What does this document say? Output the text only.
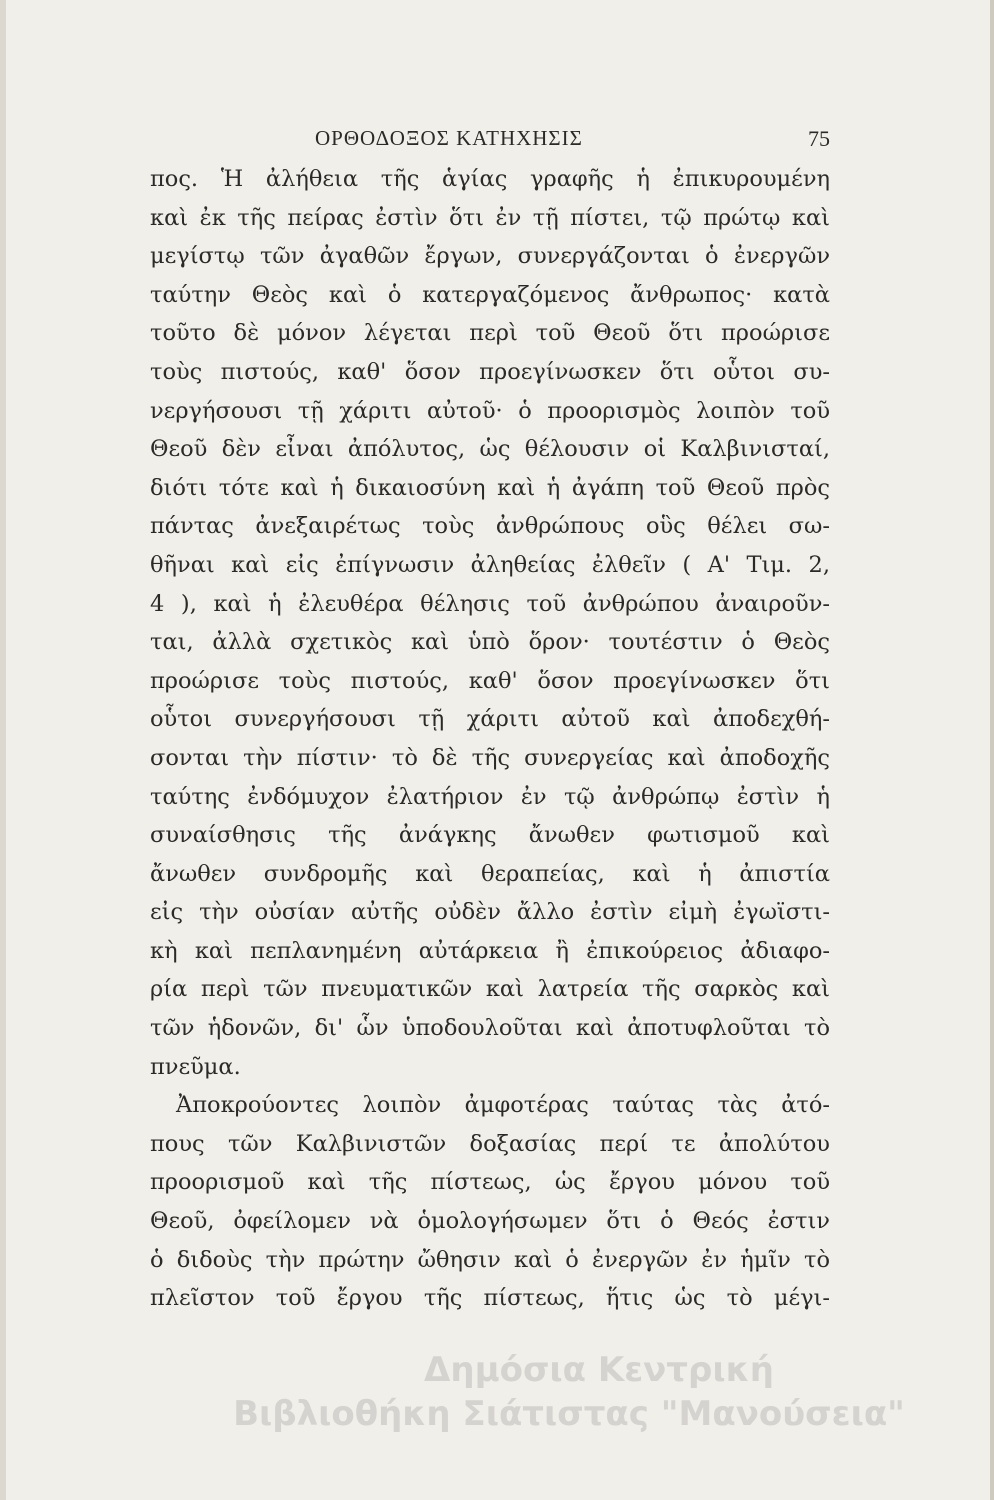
ΟΡΘΟΔΟΞΟΣ ΚΑΤΗΧΗΣΙΣ	75
πος. Ἡ ἀλήθεια τῆς ἁγίας γραφῆς ἡ ἐπικυρουμένη
καὶ ἐκ τῆς πείρας ἐστὶν ὅτι ἐν τῇ πίστει, τῷ πρώτῳ καὶ
μεγίστῳ τῶν ἀγαθῶν ἔργων, συνεργάζονται ὁ ἐνεργῶν
ταύτην Θεὸς καὶ ὁ κατεργαζόμενος ἄνθρωπος· κατὰ
τοῦτο δὲ μόνον λέγεται περὶ τοῦ Θεοῦ ὅτι προώρισε
τοὺς πιστούς, καθ' ὅσον προεγίνωσκεν ὅτι οὗτοι συ-
νεργήσουσι τῇ χάριτι αὐτοῦ· ὁ προορισμὸς λοιπὸν τοῦ
Θεοῦ δὲν εἶναι ἀπόλυτος, ὡς θέλουσιν οἱ Καλβινισταί,
διότι τότε καὶ ἡ δικαιοσύνη καὶ ἡ ἀγάπη τοῦ Θεοῦ πρὸς
πάντας ἀνεξαιρέτως τοὺς ἀνθρώπους οὓς θέλει σω-
θῆναι καὶ εἰς ἐπίγνωσιν ἀληθείας ἐλθεῖν ( Α' Τιμ. 2,
4 ), καὶ ἡ ἐλευθέρα θέλησις τοῦ ἀνθρώπου ἀναιροῦν-
ται, ἀλλὰ σχετικὸς καὶ ὑπὸ ὅρον· τουτέστιν ὁ Θεὸς
προώρισε τοὺς πιστούς, καθ' ὅσον προεγίνωσκεν ὅτι
οὗτοι συνεργήσουσι τῇ χάριτι αὐτοῦ καὶ ἀποδεχθή-
σονται τὴν πίστιν· τὸ δὲ τῆς συνεργείας καὶ ἀποδοχῆς
ταύτης ἐνδόμυχον ἐλατήριον ἐν τῷ ἀνθρώπῳ ἐστὶν ἡ
συναίσθησις τῆς ἀνάγκης ἄνωθεν φωτισμοῦ καὶ
ἄνωθεν συνδρομῆς καὶ θεραπείας, καὶ ἡ ἀπιστία
εἰς τὴν οὐσίαν αὐτῆς οὐδὲν ἄλλο ἐστὶν εἰμὴ ἐγωϊστι-
κὴ καὶ πεπλανημένη αὐτάρκεια ἢ ἐπικούρειος ἀδιαφο-
ρία περὶ τῶν πνευματικῶν καὶ λατρεία τῆς σαρκὸς καὶ
τῶν ἡδονῶν, δι' ὧν ὑποδουλοῦται καὶ ἀποτυφλοῦται τὸ
πνεῦμα.
Ἀποκρούοντες λοιπὸν ἀμφοτέρας ταύτας τὰς ἀτό-
πους τῶν Καλβινιστῶν δοξασίας περί τε ἀπολύτου
προορισμοῦ καὶ τῆς πίστεως, ὡς ἔργου μόνου τοῦ
Θεοῦ, ὀφείλομεν νὰ ὁμολογήσωμεν ὅτι ὁ Θεός ἐστιν
ὁ διδοὺς τὴν πρώτην ὤθησιν καὶ ὁ ἐνεργῶν ἐν ἡμῖν τὸ
πλεῖστον τοῦ ἔργου τῆς πίστεως, ἥτις ὡς τὸ μέγι-
Δημόσια Κεντρική
Βιβλιοθήκη Σιάτιστας "Μανούσεια"
